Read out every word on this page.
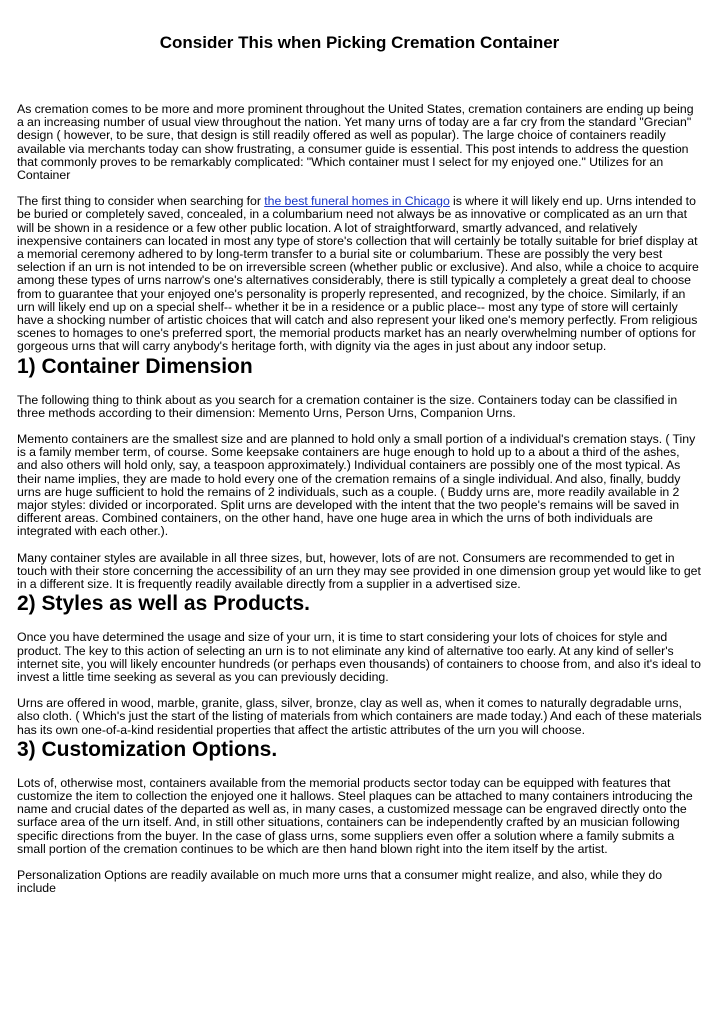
Consider This when Picking Cremation Container

As cremation comes to be more and more prominent throughout the United States, cremation containers are ending up being a an increasing number of usual view throughout the nation. Yet many urns of today are a far cry from the standard "Grecian" design ( however, to be sure, that design is still readily offered as well as popular). The large choice of containers readily available via merchants today can show frustrating, a consumer guide is essential. This post intends to address the question that commonly proves to be remarkably complicated: "Which container must I select for my enjoyed one." Utilizes for an Container

The first thing to consider when searching for the best funeral homes in Chicago is where it will likely end up. Urns intended to be buried or completely saved, concealed, in a columbarium need not always be as innovative or complicated as an urn that will be shown in a residence or a few other public location. A lot of straightforward, smartly advanced, and relatively inexpensive containers can located in most any type of store's collection that will certainly be totally suitable for brief display at a memorial ceremony adhered to by long-term transfer to a burial site or columbarium. These are possibly the very best selection if an urn is not intended to be on irreversible screen (whether public or exclusive). And also, while a choice to acquire among these types of urns narrow's one's alternatives considerably, there is still typically a completely a great deal to choose from to guarantee that your enjoyed one's personality is properly represented, and recognized, by the choice. Similarly, if an urn will likely end up on a special shelf-- whether it be in a residence or a public place-- most any type of store will certainly have a shocking number of artistic choices that will catch and also represent your liked one's memory perfectly. From religious scenes to homages to one's preferred sport, the memorial products market has an nearly overwhelming number of options for gorgeous urns that will carry anybody's heritage forth, with dignity via the ages in just about any indoor setup.

1) Container Dimension

The following thing to think about as you search for a cremation container is the size. Containers today can be classified in three methods according to their dimension: Memento Urns, Person Urns, Companion Urns.

Memento containers are the smallest size and are planned to hold only a small portion of a individual's cremation stays. ( Tiny is a family member term, of course. Some keepsake containers are huge enough to hold up to a about a third of the ashes, and also others will hold only, say, a teaspoon approximately.) Individual containers are possibly one of the most typical. As their name implies, they are made to hold every one of the cremation remains of a single individual. And also, finally, buddy urns are huge sufficient to hold the remains of 2 individuals, such as a couple. ( Buddy urns are, more readily available in 2 major styles: divided or incorporated. Split urns are developed with the intent that the two people's remains will be saved in different areas. Combined containers, on the other hand, have one huge area in which the urns of both individuals are integrated with each other.).

Many container styles are available in all three sizes, but, however, lots of are not. Consumers are recommended to get in touch with their store concerning the accessibility of an urn they may see provided in one dimension group yet would like to get in a different size. It is frequently readily available directly from a supplier in a advertised size.

2) Styles as well as Products.

Once you have determined the usage and size of your urn, it is time to start considering your lots of choices for style and product. The key to this action of selecting an urn is to not eliminate any kind of alternative too early. At any kind of seller's internet site, you will likely encounter hundreds (or perhaps even thousands) of containers to choose from, and also it's ideal to invest a little time seeking as several as you can previously deciding.

Urns are offered in wood, marble, granite, glass, silver, bronze, clay as well as, when it comes to naturally degradable urns, also cloth. ( Which's just the start of the listing of materials from which containers are made today.) And each of these materials has its own one-of-a-kind residential properties that affect the artistic attributes of the urn you will choose.

3) Customization Options.

Lots of, otherwise most, containers available from the memorial products sector today can be equipped with features that customize the item to collection the enjoyed one it hallows. Steel plaques can be attached to many containers introducing the name and crucial dates of the departed as well as, in many cases, a customized message can be engraved directly onto the surface area of the urn itself. And, in still other situations, containers can be independently crafted by an musician following specific directions from the buyer. In the case of glass urns, some suppliers even offer a solution where a family submits a small portion of the cremation continues to be which are then hand blown right into the item itself by the artist.

Personalization Options are readily available on much more urns that a consumer might realize, and also, while they do include
